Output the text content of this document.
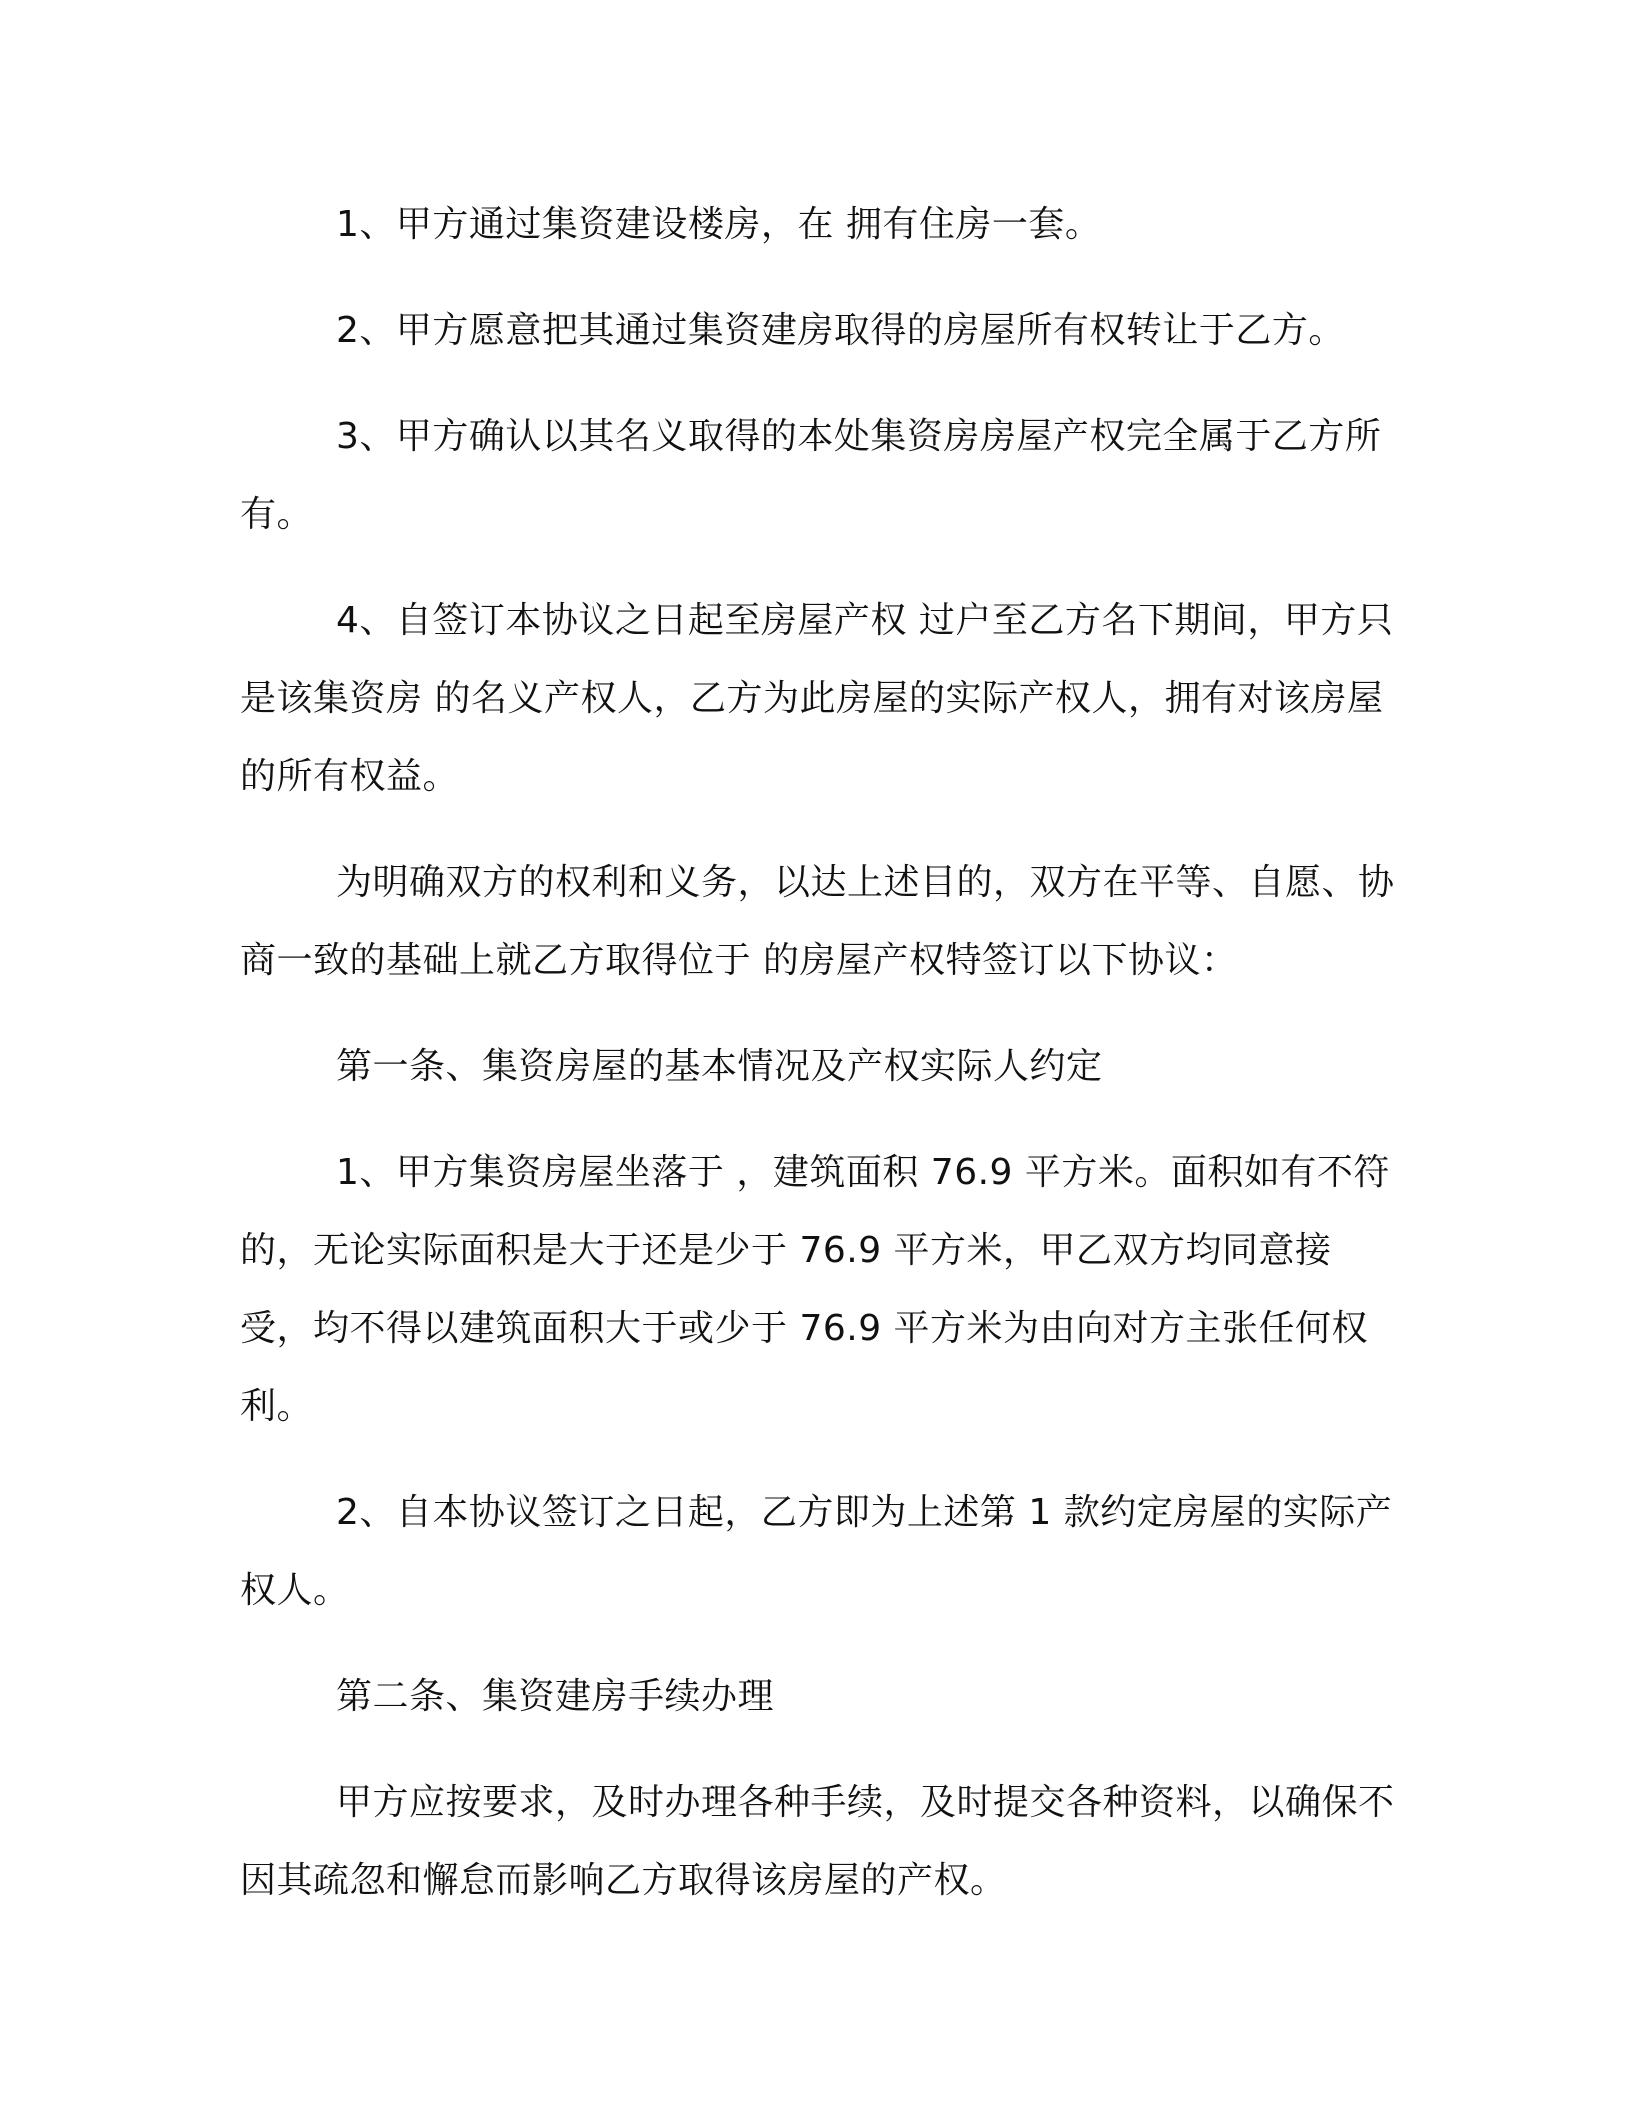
1、甲方通过集资建设楼房，在 拥有住房一套。

2、甲方愿意把其通过集资建房取得的房屋所有权转让于乙方。

3、甲方确认以其名义取得的本处集资房房屋产权完全属于乙方所有。

4、自签订本协议之日起至房屋产权 过户至乙方名下期间，甲方只是该集资房 的名义产权人，乙方为此房屋的实际产权人，拥有对该房屋的所有权益。

为明确双方的权利和义务，以达上述目的，双方在平等、自愿、协商一致的基础上就乙方取得位于 的房屋产权特签订以下协议：

第一条、集资房屋的基本情况及产权实际人约定

1、甲方集资房屋坐落于 ，建筑面积 76.9 平方米。面积如有不符的，无论实际面积是大于还是少于 76.9 平方米，甲乙双方均同意接受，均不得以建筑面积大于或少于 76.9 平方米为由向对方主张任何权利。

2、自本协议签订之日起，乙方即为上述第 1 款约定房屋的实际产权人。

第二条、集资建房手续办理

甲方应按要求，及时办理各种手续，及时提交各种资料，以确保不因其疏忽和懈怠而影响乙方取得该房屋的产权。
